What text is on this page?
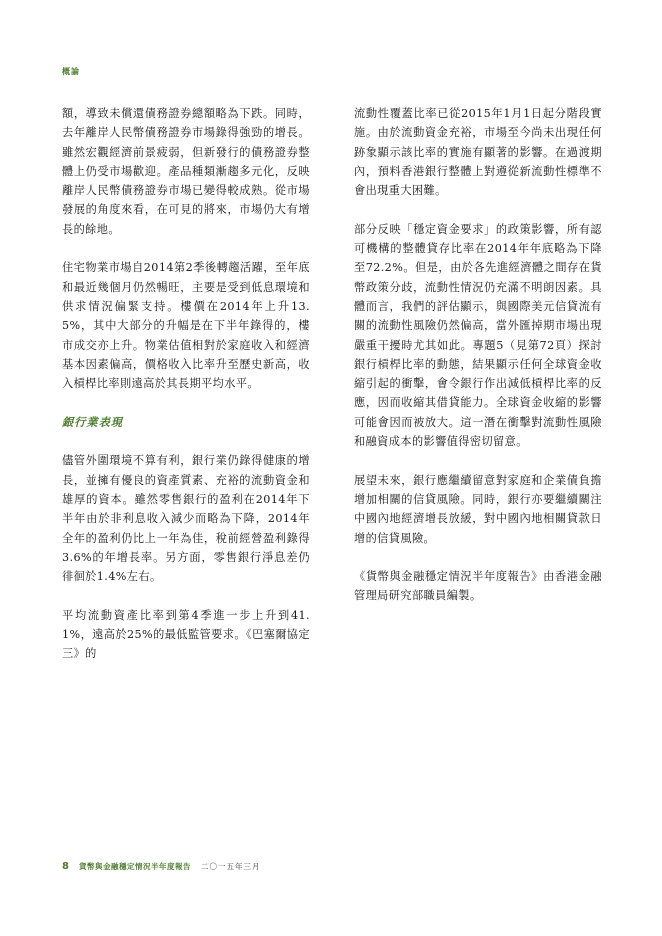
概論

額，導致未償還債務證券總額略為下跌。同時，去年離岸人民幣債務證券市場錄得強勁的增長。雖然宏觀經濟前景疲弱，但新發行的債務證券整體上仍受市場歡迎。產品種類漸趨多元化，反映離岸人民幣債務證券市場已變得較成熟。從市場發展的角度來看，在可見的將來，市場仍大有增長的餘地。

住宅物業市場自2014第2季後轉趨活躍，至年底和最近幾個月仍然暢旺，主要是受到低息環境和供求情況偏緊支持。樓價在2014年上升13.5%，其中大部分的升幅是在下半年錄得的，樓市成交亦上升。物業估值相對於家庭收入和經濟基本因素偏高，價格收入比率升至歷史新高，收入槓桿比率則遠高於其長期平均水平。

銀行業表現

儘管外圍環境不算有利，銀行業仍錄得健康的增長，並擁有優良的資產質素、充裕的流動資金和雄厚的資本。雖然零售銀行的盈利在2014年下半年由於非利息收入減少而略為下降，2014年全年的盈利仍比上一年為佳，稅前經營盈利錄得3.6%的年增長率。另方面，零售銀行淨息差仍徘徊於1.4%左右。

平均流動資產比率到第4季進一步上升到41.1%，遠高於25%的最低監管要求。《巴塞爾協定三》的

流動性覆蓋比率已從2015年1月1日起分階段實施。由於流動資金充裕，市場至今尚未出現任何跡象顯示該比率的實施有顯著的影響。在過渡期內，預料香港銀行整體上對遵從新流動性標準不會出現重大困難。

部分反映「穩定資金要求」的政策影響，所有認可機構的整體貸存比率在2014年年底略為下降至72.2%。但是，由於各先進經濟體之間存在貨幣政策分歧，流動性情況仍充滿不明朗因素。具體而言，我們的評估顯示，與國際美元信貸流有關的流動性風險仍然偏高，當外匯掉期市場出現嚴重干擾時尤其如此。專題5（見第72頁）探討銀行槓桿比率的動態，結果顯示任何全球資金收縮引起的衝擊，會令銀行作出減低槓桿比率的反應，因而收縮其借貸能力。全球資金收縮的影響可能會因而被放大。這一潛在衝擊對流動性風險和融資成本的影響值得密切留意。

展望未來，銀行應繼續留意對家庭和企業債負擔增加相關的信貸風險。同時，銀行亦要繼續關注中國內地經濟增長放緩，對中國內地相關貸款日增的信貸風險。

《貨幣與金融穩定情況半年度報告》由香港金融管理局研究部職員編製。

8 貨幣與金融穩定情況半年度報告 二〇一五年三月
